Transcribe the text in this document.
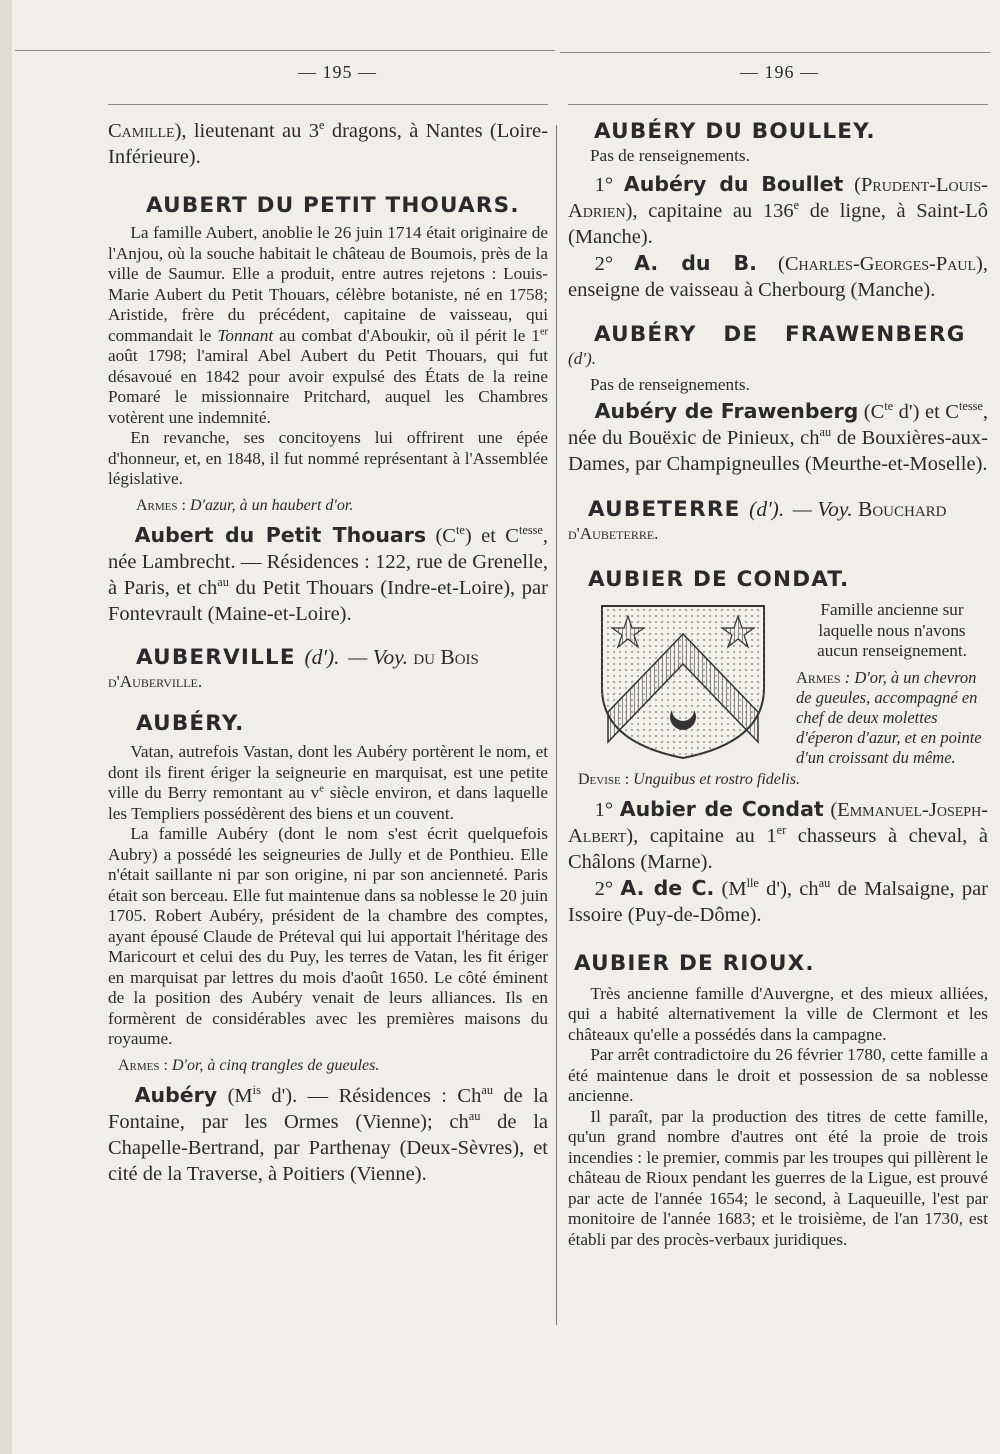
— 195 —	— 196 —

Camille), lieutenant au 3e dragons, à Nantes (Loire-Inférieure).

AUBERT DU PETIT THOUARS.

La famille Aubert, anoblie le 26 juin 1714 était originaire de l'Anjou, où la souche habitait le château de Boumois, près de la ville de Saumur. Elle a produit, entre autres rejetons : Louis-Marie Aubert du Petit Thouars, célèbre botaniste, né en 1758; Aristide, frère du précédent, capitaine de vaisseau, qui commandait le Tonnant au combat d'Aboukir, où il périt le 1er août 1798; l'amiral Abel Aubert du Petit Thouars, qui fut désavoué en 1842 pour avoir expulsé des États de la reine Pomaré le missionnaire Pritchard, auquel les Chambres votèrent une indemnité.

En revanche, ses concitoyens lui offrirent une épée d'honneur, et, en 1848, il fut nommé représentant à l'Assemblée législative.

Armes : D'azur, à un haubert d'or.

Aubert du Petit Thouars $(C^{te})$ et $C^{tesse}$, née Lambrecht. — Résidences : 122, rue de Grenelle, à Paris, et $ch^{au}$ du Petit Thouars (Indre-et-Loire), par Fontevrault (Maine-et-Loire).

AUBERVILLE (d'). — Voy. du Bois

d'Auberville.

AUBÉRY.

Vatan, autrefois Vastan, dont les Aubéry portèrent le nom, et dont ils firent ériger la seigneurie en marquisat, est une petite ville du Berry remontant au $v^e$ siècle environ, et dans laquelle les Templiers possédèrent des biens et un couvent.

La famille Aubéry (dont le nom s'est écrit quelquefois Aubry) a possédé les seigneuries de Jully et de Ponthieu. Elle n'était saillante ni par son origine, ni par son ancienneté. Paris était son berceau. Elle fut maintenue dans sa noblesse le 20 juin 1705. Robert Aubéry, président de la chambre des comptes, ayant épousé Claude de Préteval qui lui apportait l'héritage des Maricourt et celui des du Puy, les terres de Vatan, les fit ériger en marquisat par lettres du mois d'août 1650. Le côté éminent de la position des Aubéry venait de leurs alliances. Ils en formèrent de considérables avec les premières maisons du royaume.

Armes : D'or, à cinq trangles de gueules.

Aubéry ($M^{is}$ d'). — Résidences : $Ch^{au}$ de la Fontaine, par les Ormes (Vienne); $ch^{au}$ de la Chapelle-Bertrand, par Parthenay (Deux-Sèvres), et cité de la Traverse, à Poitiers (Vienne).

AUBÉRY DU BOULLEY.

Pas de renseignements.

1° Aubéry du Boullet (Prudent-Louis-Adrien), capitaine au 136e de ligne, à Saint-Lô (Manche).

2° A. du B. (Charles-Georges-Paul), enseigne de vaisseau à Cherbourg (Manche).

AUBÉRY DE FRAWENBERG

(d').

Pas de renseignements.

Aubéry de Frawenberg ($C^{te}$ d') et $C^{tesse}$, née du Bouëxic de Pinieux, $ch^{au}$ de Bouxières-aux-Dames, par Champigneulles (Meurthe-et-Moselle).

AUBETERRE (d'). — Voy. Bouchard

d'Aubeterre.

AUBIER DE CONDAT.

Famille ancienne sur laquelle nous n'avons aucun renseignement.

Armes : D'or, à un chevron de gueules, accompagné en chef de deux molettes d'éperon d'azur, et en pointe d'un croissant du même.

Devise : Unguibus et rostro fidelis.

1° Aubier de Condat (Emmanuel-Joseph-Albert), capitaine au 1er chasseurs à cheval, à Châlons (Marne).

2° A. de C. ($M^{lle}$ d'), $ch^{au}$ de Malsaigne, par Issoire (Puy-de-Dôme).

AUBIER DE RIOUX.

Très ancienne famille d'Auvergne, et des mieux alliées, qui a habité alternativement la ville de Clermont et les châteaux qu'elle a possédés dans la campagne.

Par arrêt contradictoire du 26 février 1780, cette famille a été maintenue dans le droit et possession de sa noblesse ancienne.

Il paraît, par la production des titres de cette famille, qu'un grand nombre d'autres ont été la proie de trois incendies : le premier, commis par les troupes qui pillèrent le château de Rioux pendant les guerres de la Ligue, est prouvé par acte de l'année 1654; le second, à Laqueuille, l'est par monitoire de l'année 1683; et le troisième, de l'an 1730, est établi par des procès-verbaux juridiques.
